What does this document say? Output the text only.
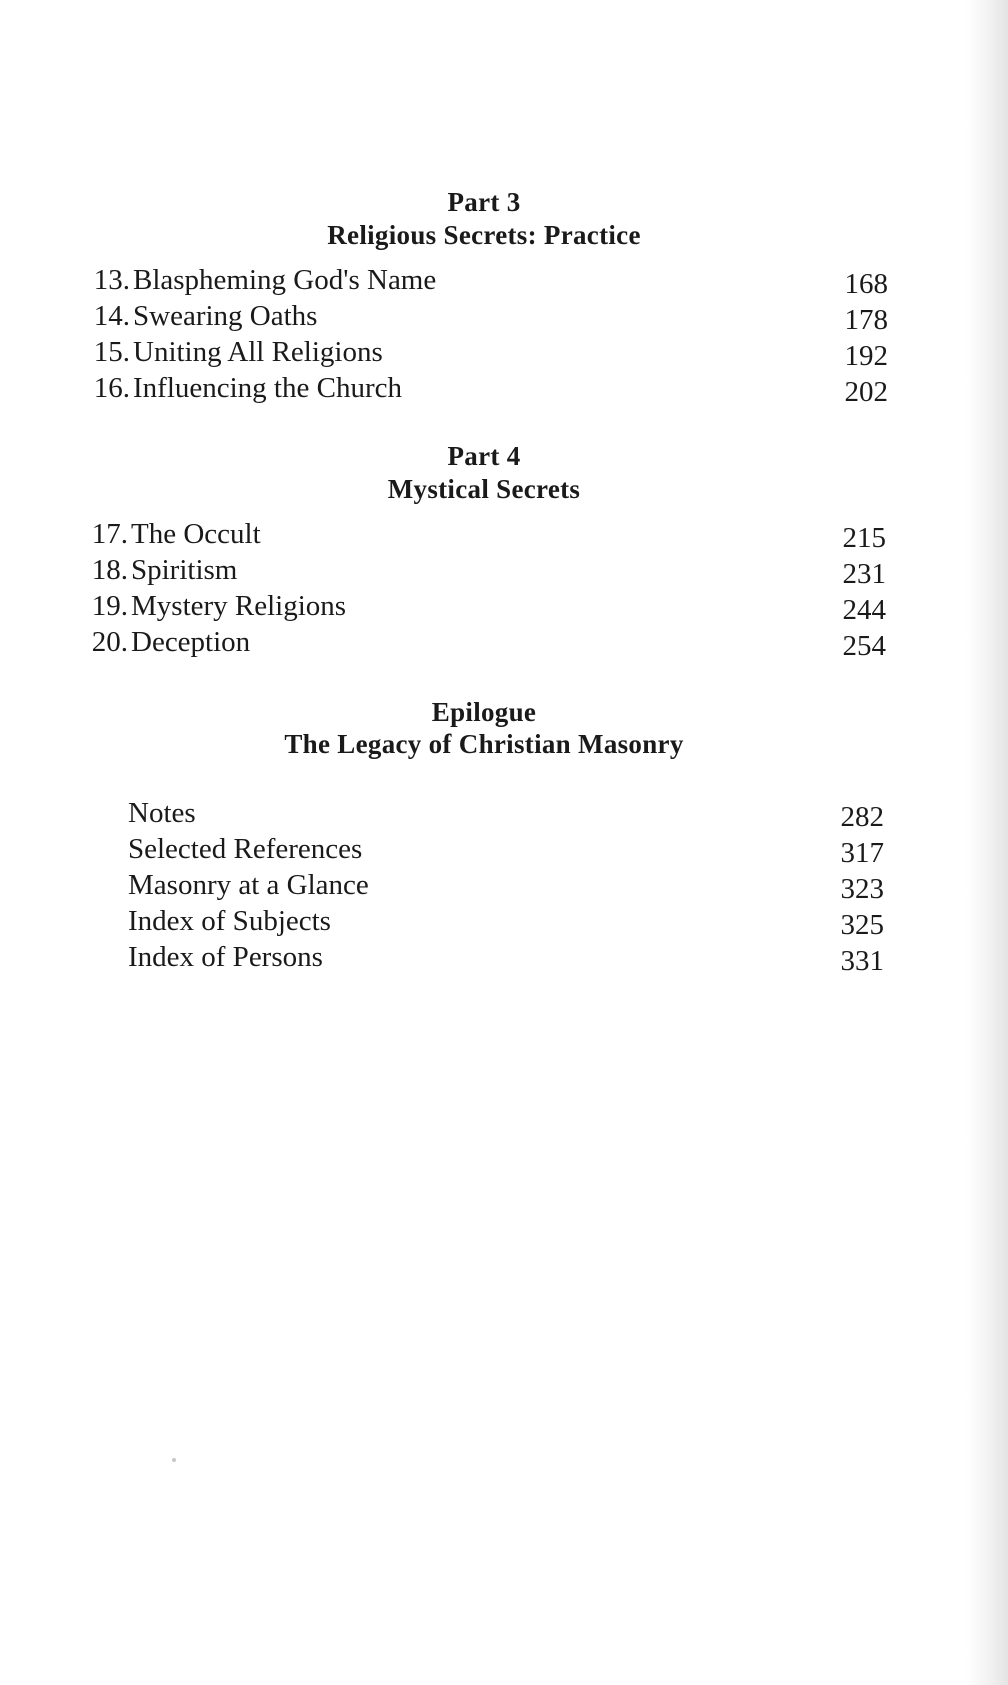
Part 3
Religious Secrets: Practice
13. Blaspheming God's Name	168
14. Swearing Oaths	178
15. Uniting All Religions	192
16. Influencing the Church	202
Part 4
Mystical Secrets
17. The Occult	215
18. Spiritism	231
19. Mystery Religions	244
20. Deception	254
Epilogue
The Legacy of Christian Masonry
Notes	282
Selected References	317
Masonry at a Glance	323
Index of Subjects	325
Index of Persons	331
